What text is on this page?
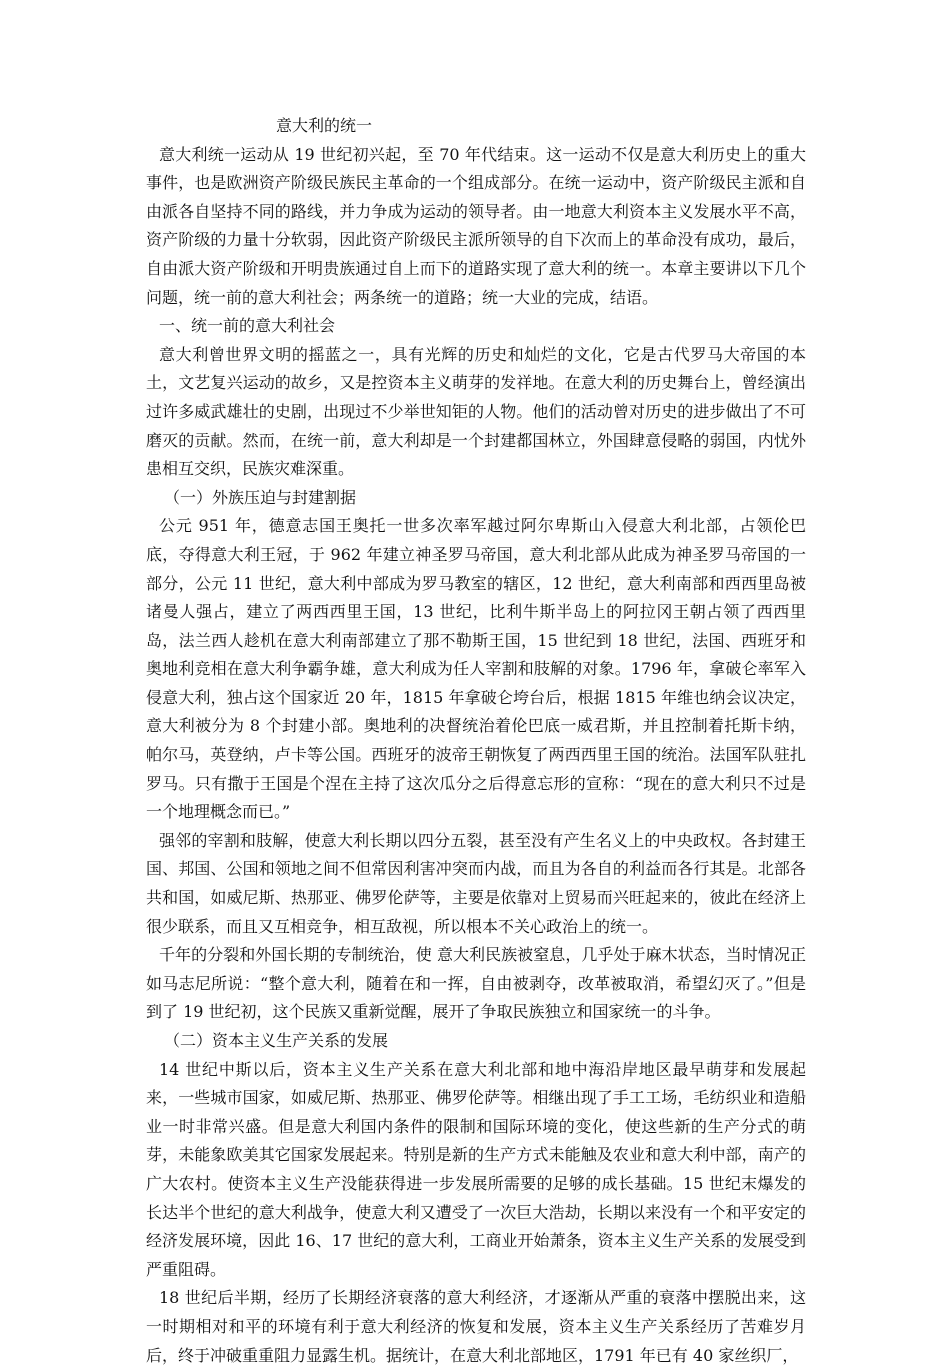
意大利的统一

意大利统一运动从 19 世纪初兴起，至 70 年代结束。这一运动不仅是意大利历史上的重大事件，也是欧洲资产阶级民族民主革命的一个组成部分。在统一运动中，资产阶级民主派和自由派各自坚持不同的路线，并力争成为运动的领导者。由一地意大利资本主义发展水平不高，资产阶级的力量十分软弱，因此资产阶级民主派所领导的自下次而上的革命没有成功，最后，自由派大资产阶级和开明贵族通过自上而下的道路实现了意大利的统一。本章主要讲以下几个问题，统一前的意大利社会；两条统一的道路；统一大业的完成，结语。

一、统一前的意大利社会

意大利曾世界文明的摇蓝之一，具有光辉的历史和灿烂的文化，它是古代罗马大帝国的本土，文艺复兴运动的故乡，又是控资本主义萌芽的发祥地。在意大利的历史舞台上，曾经演出过许多威武雄壮的史剧，出现过不少举世知钜的人物。他们的活动曾对历史的进步做出了不可磨灭的贡献。然而，在统一前，意大利却是一个封建都国林立，外国肆意侵略的弱国，内忧外患相互交织，民族灾难深重。

（一）外族压迫与封建割据

公元 951 年，德意志国王奥托一世多次率军越过阿尔卑斯山入侵意大利北部，占领伦巴底，夺得意大利王冠，于 962 年建立神圣罗马帝国，意大利北部从此成为神圣罗马帝国的一部分，公元 11 世纪，意大利中部成为罗马教室的辖区，12 世纪，意大利南部和西西里岛被诸曼人强占，建立了两西西里王国，13 世纪，比利牛斯半岛上的阿拉冈王朝占领了西西里岛，法兰西人趁机在意大利南部建立了那不勒斯王国，15 世纪到 18 世纪，法国、西班牙和奥地利竞相在意大利争霸争雄，意大利成为任人宰割和肢解的对象。1796 年，拿破仑率军入侵意大利，独占这个国家近 20 年，1815 年拿破仑垮台后，根据 1815 年维也纳会议决定，意大利被分为 8 个封建小部。奥地利的决督统治着伦巴底一威君斯，并且控制着托斯卡纳，帕尔马，英登纳，卢卡等公国。西班牙的波帝王朝恢复了两西西里王国的统治。法国军队驻扎罗马。只有撒于王国是个涅在主持了这次瓜分之后得意忘形的宣称：“现在的意大利只不过是一个地理概念而已。”

强邻的宰割和肢解，使意大利长期以四分五裂，甚至没有产生名义上的中央政权。各封建王国、邦国、公国和领地之间不但常因利害冲突而内战，而且为各自的利益而各行其是。北部各共和国，如威尼斯、热那亚、佛罗伦萨等，主要是依靠对上贸易而兴旺起来的，彼此在经济上很少联系，而且又互相竞争，相互敌视，所以根本不关心政治上的统一。

千年的分裂和外国长期的专制统治，使 意大利民族被窒息，几乎处于麻木状态，当时情况正如马志尼所说：“整个意大利，随着在和一挥，自由被剥夺，改革被取消，希望幻灭了。”但是到了 19 世纪初，这个民族又重新觉醒，展开了争取民族独立和国家统一的斗争。

（二）资本主义生产关系的发展

14 世纪中斯以后，资本主义生产关系在意大利北部和地中海沿岸地区最早萌芽和发展起来，一些城市国家，如威尼斯、热那亚、佛罗伦萨等。相继出现了手工工场，毛纺织业和造船业一时非常兴盛。但是意大利国内条件的限制和国际环境的变化，使这些新的生产分式的萌芽，未能象欧美其它国家发展起来。特别是新的生产方式未能触及农业和意大利中部，南产的广大农村。使资本主义生产没能获得进一步发展所需要的足够的成长基础。15 世纪末爆发的长达半个世纪的意大利战争，使意大利又遭受了一次巨大浩劫，长期以来没有一个和平安定的经济发展环境，因此 16、17 世纪的意大利，工商业开始萧条，资本主义生产关系的发展受到严重阻碍。

18 世纪后半期，经历了长期经济衰落的意大利经济，才逐渐从严重的衰落中摆脱出来，这一时期相对和平的环境有利于意大利经济的恢复和发展，资本主义生产关系经历了苦难岁月后，终于冲破重重阻力显露生机。据统计，在意大利北部地区，1791 年已有 40 家丝织厂，
